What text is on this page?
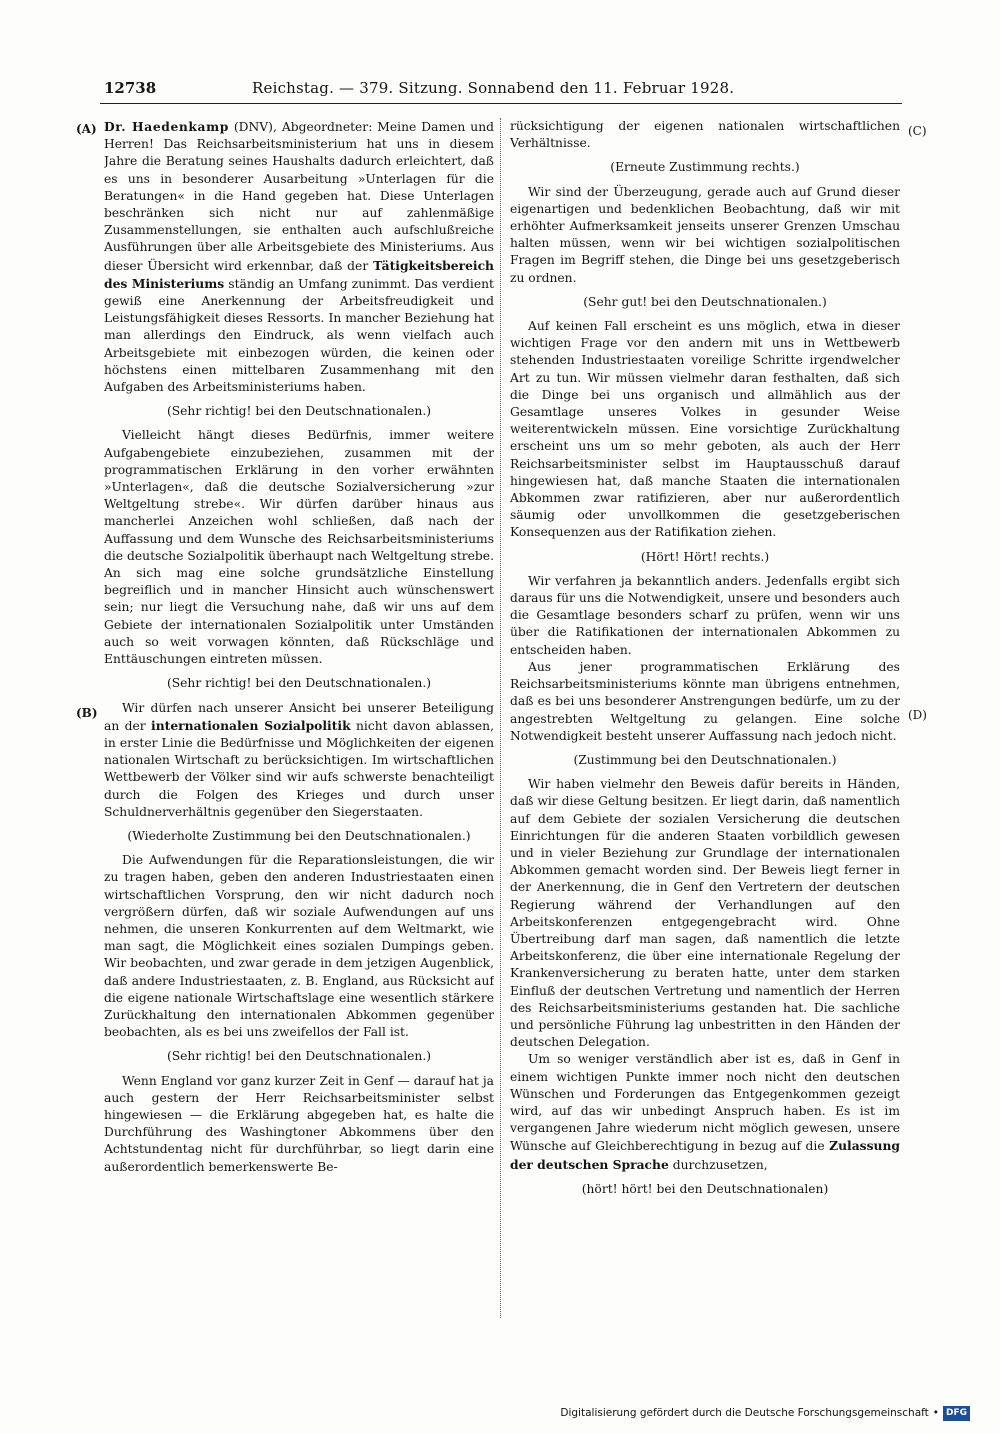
12738	Reichstag. — 379. Sitzung. Sonnabend den 11. Februar 1928.
(A)
(B)
(C)
(D)

Dr. Haedenkamp (DNV), Abgeordneter: Meine Damen und Herren! Das Reichsarbeitsministerium hat uns in diesem Jahre die Beratung seines Haushalts dadurch erleichtert, daß es uns in besonderer Ausarbeitung »Unterlagen für die Beratungen« in die Hand gegeben hat. Diese Unterlagen beschränken sich nicht nur auf zahlenmäßige Zusammenstellungen, sie enthalten auch aufschlußreiche Ausführungen über alle Arbeitsgebiete des Ministeriums. Aus dieser Übersicht wird erkennbar, daß der Tätigkeitsbereich des Ministeriums ständig an Umfang zunimmt. Das verdient gewiß eine Anerkennung der Arbeitsfreudigkeit und Leistungsfähigkeit dieses Ressorts. In mancher Beziehung hat man allerdings den Eindruck, als wenn vielfach auch Arbeitsgebiete mit einbezogen würden, die keinen oder höchstens einen mittelbaren Zusammenhang mit den Aufgaben des Arbeitsministeriums haben.

(Sehr richtig! bei den Deutschnationalen.)

Vielleicht hängt dieses Bedürfnis, immer weitere Aufgabengebiete einzubeziehen, zusammen mit der programmatischen Erklärung in den vorher erwähnten »Unterlagen«, daß die deutsche Sozialversicherung »zur Weltgeltung strebe«. Wir dürfen darüber hinaus aus mancherlei Anzeichen wohl schließen, daß nach der Auffassung und dem Wunsche des Reichsarbeitsministeriums die deutsche Sozialpolitik überhaupt nach Weltgeltung strebe. An sich mag eine solche grundsätzliche Einstellung begreiflich und in mancher Hinsicht auch wünschenswert sein; nur liegt die Versuchung nahe, daß wir uns auf dem Gebiete der internationalen Sozialpolitik unter Umständen auch so weit vorwagen könnten, daß Rückschläge und Enttäuschungen eintreten müssen.

(Sehr richtig! bei den Deutschnationalen.)

Wir dürfen nach unserer Ansicht bei unserer Beteiligung an der internationalen Sozialpolitik nicht davon ablassen, in erster Linie die Bedürfnisse und Möglichkeiten der eigenen nationalen Wirtschaft zu berücksichtigen. Im wirtschaftlichen Wettbewerb der Völker sind wir aufs schwerste benachteiligt durch die Folgen des Krieges und durch unser Schuldnerverhältnis gegenüber den Siegerstaaten.

(Wiederholte Zustimmung bei den Deutschnationalen.)

Die Aufwendungen für die Reparationsleistungen, die wir zu tragen haben, geben den anderen Industriestaaten einen wirtschaftlichen Vorsprung, den wir nicht dadurch noch vergrößern dürfen, daß wir soziale Aufwendungen auf uns nehmen, die unseren Konkurrenten auf dem Weltmarkt, wie man sagt, die Möglichkeit eines sozialen Dumpings geben. Wir beobachten, und zwar gerade in dem jetzigen Augenblick, daß andere Industriestaaten, z. B. England, aus Rücksicht auf die eigene nationale Wirtschaftslage eine wesentlich stärkere Zurückhaltung den internationalen Abkommen gegenüber beobachten, als es bei uns zweifellos der Fall ist.

(Sehr richtig! bei den Deutschnationalen.)

Wenn England vor ganz kurzer Zeit in Genf — darauf hat ja auch gestern der Herr Reichsarbeitsminister selbst hingewiesen — die Erklärung abgegeben hat, es halte die Durchführung des Washingtoner Abkommens über den Achtstundentag nicht für durchführbar, so liegt darin eine außerordentlich bemerkenswerte Be-

rücksichtigung der eigenen nationalen wirtschaftlichen Verhältnisse.

(Erneute Zustimmung rechts.)

Wir sind der Überzeugung, gerade auch auf Grund dieser eigenartigen und bedenklichen Beobachtung, daß wir mit erhöhter Aufmerksamkeit jenseits unserer Grenzen Umschau halten müssen, wenn wir bei wichtigen sozialpolitischen Fragen im Begriff stehen, die Dinge bei uns gesetzgeberisch zu ordnen.

(Sehr gut! bei den Deutschnationalen.)

Auf keinen Fall erscheint es uns möglich, etwa in dieser wichtigen Frage vor den andern mit uns in Wettbewerb stehenden Industriestaaten voreilige Schritte irgendwelcher Art zu tun. Wir müssen vielmehr daran festhalten, daß sich die Dinge bei uns organisch und allmählich aus der Gesamtlage unseres Volkes in gesunder Weise weiterentwickeln müssen. Eine vorsichtige Zurückhaltung erscheint uns um so mehr geboten, als auch der Herr Reichsarbeitsminister selbst im Hauptausschuß darauf hingewiesen hat, daß manche Staaten die internationalen Abkommen zwar ratifizieren, aber nur außerordentlich säumig oder unvollkommen die gesetzgeberischen Konsequenzen aus der Ratifikation ziehen.

(Hört! Hört! rechts.)

Wir verfahren ja bekanntlich anders. Jedenfalls ergibt sich daraus für uns die Notwendigkeit, unsere und besonders auch die Gesamtlage besonders scharf zu prüfen, wenn wir uns über die Ratifikationen der internationalen Abkommen zu entscheiden haben.

Aus jener programmatischen Erklärung des Reichsarbeitsministeriums könnte man übrigens entnehmen, daß es bei uns besonderer Anstrengungen bedürfe, um zu der angestrebten Weltgeltung zu gelangen. Eine solche Notwendigkeit besteht unserer Auffassung nach jedoch nicht.

(Zustimmung bei den Deutschnationalen.)

Wir haben vielmehr den Beweis dafür bereits in Händen, daß wir diese Geltung besitzen. Er liegt darin, daß namentlich auf dem Gebiete der sozialen Versicherung die deutschen Einrichtungen für die anderen Staaten vorbildlich gewesen und in vieler Beziehung zur Grundlage der internationalen Abkommen gemacht worden sind. Der Beweis liegt ferner in der Anerkennung, die in Genf den Vertretern der deutschen Regierung während der Verhandlungen auf den Arbeitskonferenzen entgegengebracht wird. Ohne Übertreibung darf man sagen, daß namentlich die letzte Arbeitskonferenz, die über eine internationale Regelung der Krankenversicherung zu beraten hatte, unter dem starken Einfluß der deutschen Vertretung und namentlich der Herren des Reichsarbeitsministeriums gestanden hat. Die sachliche und persönliche Führung lag unbestritten in den Händen der deutschen Delegation.

Um so weniger verständlich aber ist es, daß in Genf in einem wichtigen Punkte immer noch nicht den deutschen Wünschen und Forderungen das Entgegenkommen gezeigt wird, auf das wir unbedingt Anspruch haben. Es ist im vergangenen Jahre wiederum nicht möglich gewesen, unsere Wünsche auf Gleichberechtigung in bezug auf die Zulassung der deutschen Sprache durchzusetzen,

(hört! hört! bei den Deutschnationalen)

Digitalisierung gefördert durch die Deutsche Forschungsgemeinschaft • DFG
